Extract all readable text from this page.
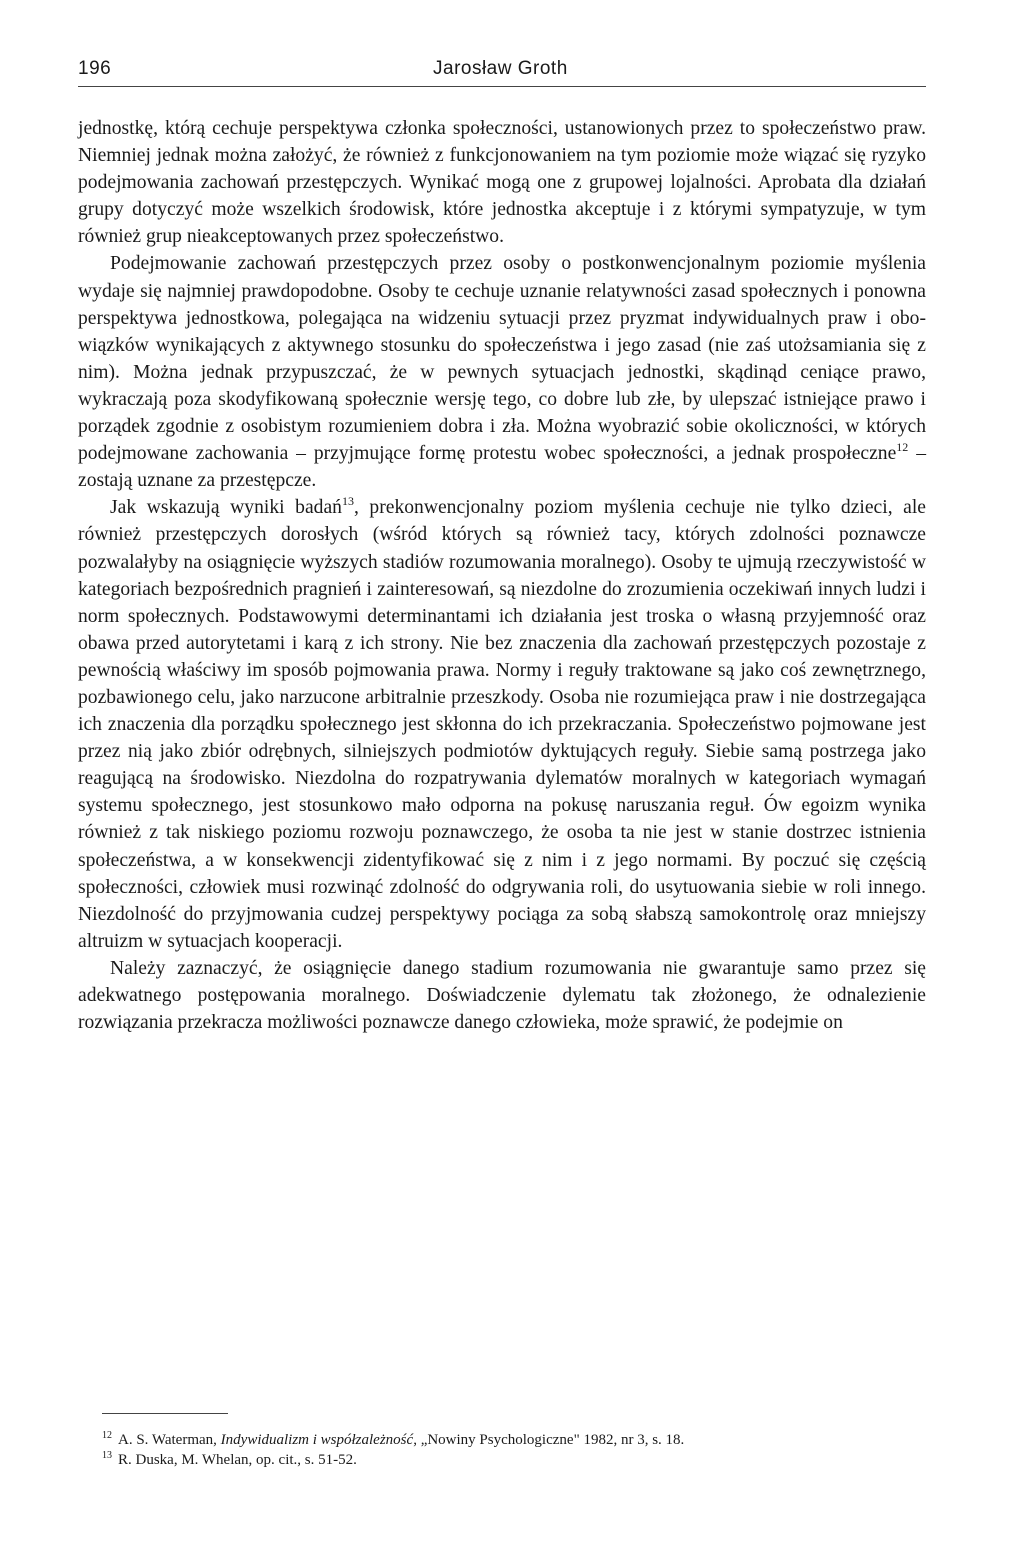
196	Jarosław Groth

jednostkę, którą cechuje perspektywa członka społeczności, ustanowionych przez to społeczeństwo praw. Niemniej jednak można założyć, że również z funkcjonowaniem na tym poziomie może wiązać się ryzyko podejmowania zachowań przestępczych. Wynikać mogą one z grupowej lojalności. Aprobata dla działań grupy dotyczyć może wszelkich środowisk, które jednostka akceptuje i z którymi sympatyzuje, w tym również grup nieakceptowanych przez społeczeństwo.

Podejmowanie zachowań przestępczych przez osoby o postkonwencjonalnym poziomie myślenia wydaje się najmniej prawdopodobne. Osoby te cechuje uznanie relatywności zasad społecznych i ponowna perspektywa jednostkowa, polegająca na widzeniu sytuacji przez pryzmat indywidualnych praw i obowiązków wynikających z aktywnego stosunku do społeczeństwa i jego zasad (nie zaś utożsamiania się z nim). Można jednak przypuszczać, że w pewnych sytuacjach jednostki, skądinąd ceniące prawo, wykraczają poza skodyfikowaną społecznie wersję tego, co dobre lub złe, by ulepszać istniejące prawo i porządek zgodnie z osobistym rozumieniem dobra i zła. Można wyobrazić sobie okoliczności, w których podejmowane zachowania – przyjmujące formę protestu wobec społeczności, a jednak prospołeczne$^{12}$ – zostają uznane za przestępcze.

Jak wskazują wyniki badań$^{13}$, prekonwencjonalny poziom myślenia cechuje nie tylko dzieci, ale również przestępczych dorosłych (wśród których są również tacy, których zdolności poznawcze pozwalałyby na osiągnięcie wyższych stadiów rozumowania moralnego). Osoby te ujmują rzeczywistość w kategoriach bezpośrednich pragnień i zainteresowań, są niezdolne do zrozumienia oczekiwań innych ludzi i norm społecznych. Podstawowymi determinantami ich działania jest troska o własną przyjemność oraz obawa przed autorytetami i karą z ich strony. Nie bez znaczenia dla zachowań przestępczych pozostaje z pewnością właściwy im sposób pojmowania prawa. Normy i reguły traktowane są jako coś zewnętrznego, pozbawionego celu, jako narzucone arbitralnie przeszkody. Osoba nie rozumiejąca praw i nie dostrzegająca ich znaczenia dla porządku społecznego jest skłonna do ich przekraczania. Społeczeństwo pojmowane jest przez nią jako zbiór odrębnych, silniejszych podmiotów dyktujących reguły. Siebie samą postrzega jako reagującą na środowisko. Niezdolna do rozpatrywania dylematów moralnych w kategoriach wymagań systemu społecznego, jest stosunkowo mało odporna na pokusę naruszania reguł. Ów egoizm wynika również z tak niskiego poziomu rozwoju poznawczego, że osoba ta nie jest w stanie dostrzec istnienia społeczeństwa, a w konsekwencji zidentyfikować się z nim i z jego normami. By poczuć się częścią społeczności, człowiek musi rozwinąć zdolność do odgrywania roli, do usytuowania siebie w roli innego. Niezdolność do przyjmowania cudzej perspektywy pociąga za sobą słabszą samokontrolę oraz mniejszy altruizm w sytuacjach kooperacji.

Należy zaznaczyć, że osiągnięcie danego stadium rozumowania nie gwarantuje samo przez się adekwatnego postępowania moralnego. Doświadczenie dylematu tak złożonego, że odnalezienie rozwiązania przekracza możliwości poznawcze danego człowieka, może sprawić, że podejmie on

$^{12}$ A. S. Waterman, Indywidualizm i współzależność, „Nowiny Psychologiczne" 1982, nr 3, s. 18.
$^{13}$ R. Duska, M. Whelan, op. cit., s. 51-52.
